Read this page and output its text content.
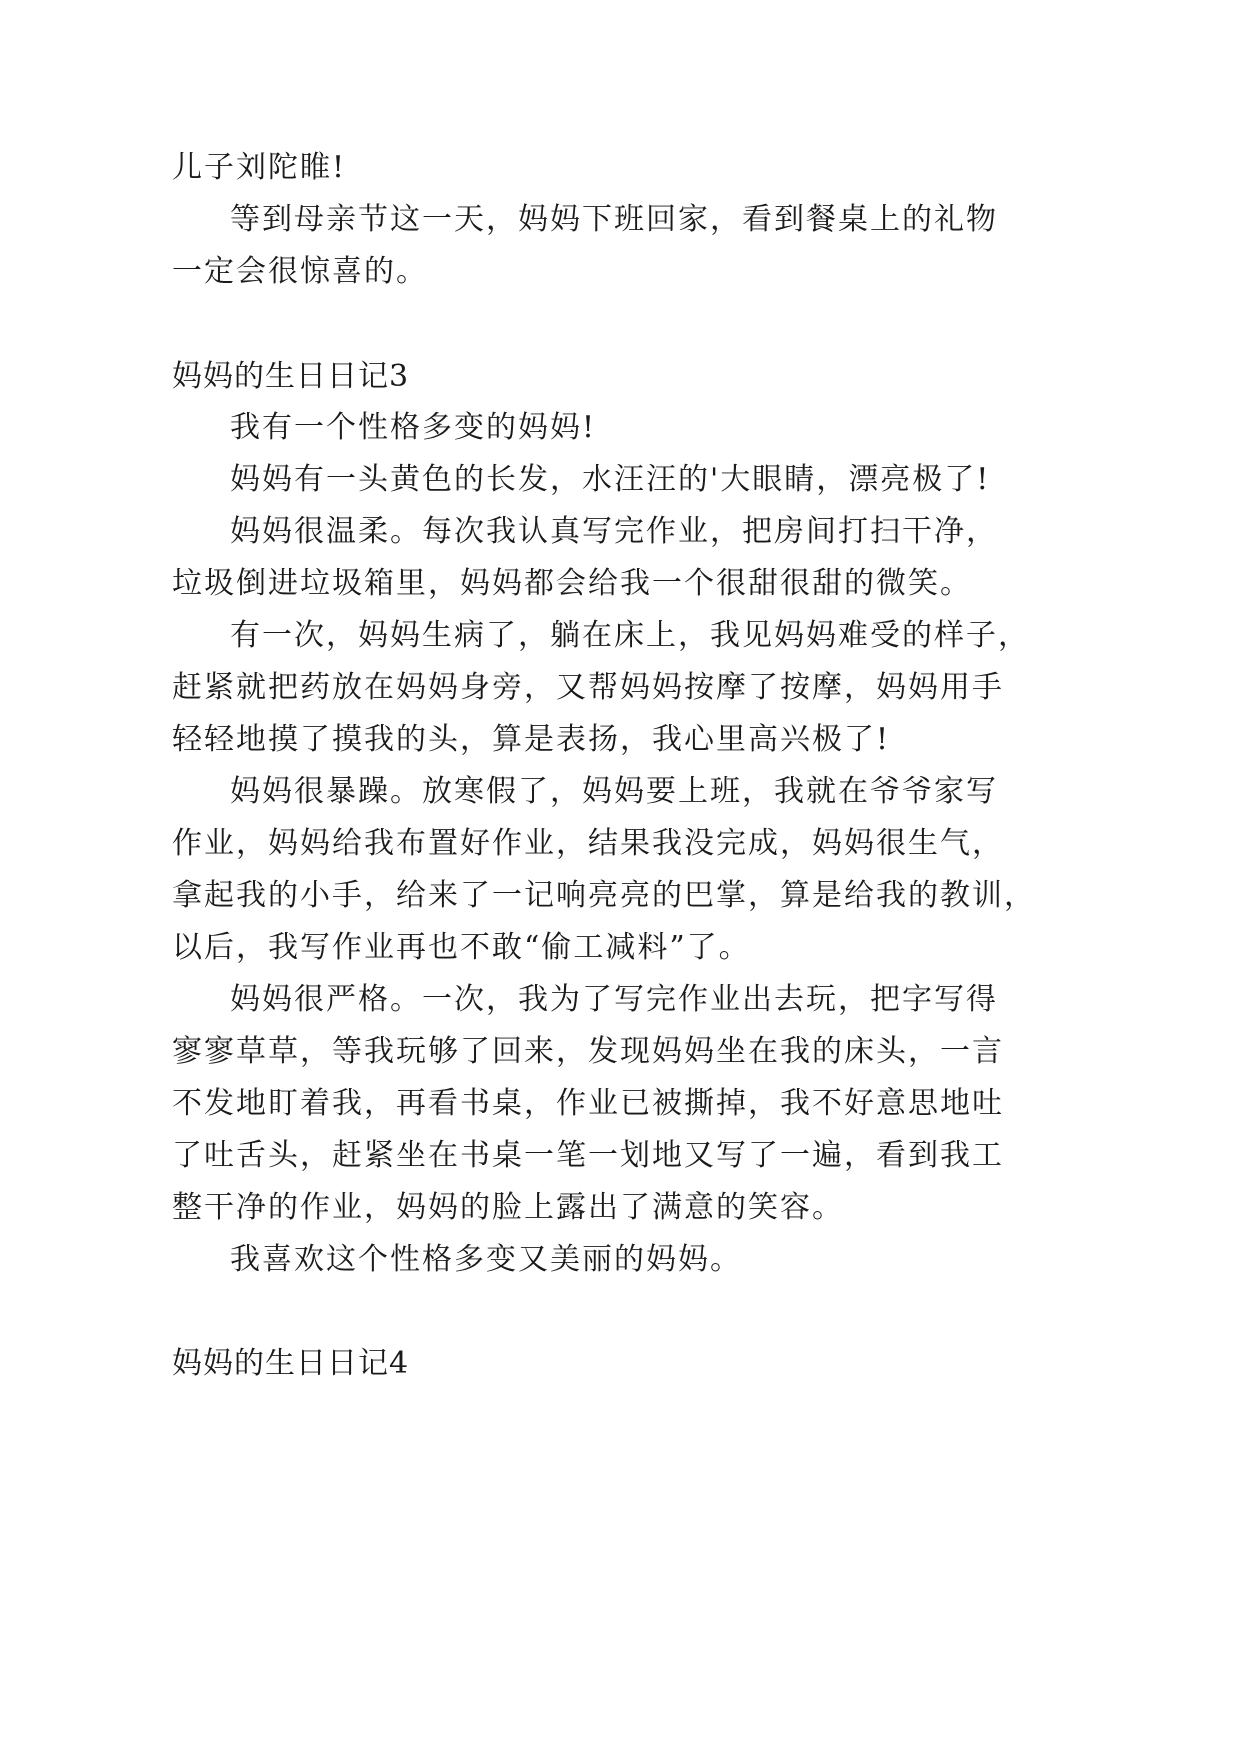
儿子刘陀睢!

等到母亲节这一天，妈妈下班回家，看到餐桌上的礼物

一定会很惊喜的。

妈妈的生日日记3

我有一个性格多变的妈妈!

妈妈有一头黄色的长发，水汪汪的'大眼睛，漂亮极了!

妈妈很温柔。每次我认真写完作业，把房间打扫干净，

垃圾倒进垃圾箱里，妈妈都会给我一个很甜很甜的微笑。

有一次，妈妈生病了，躺在床上，我见妈妈难受的样子，

赶紧就把药放在妈妈身旁，又帮妈妈按摩了按摩，妈妈用手

轻轻地摸了摸我的头，算是表扬，我心里高兴极了!

妈妈很暴躁。放寒假了，妈妈要上班，我就在爷爷家写

作业，妈妈给我布置好作业，结果我没完成，妈妈很生气，

拿起我的小手，给来了一记响亮亮的巴掌，算是给我的教训，

以后，我写作业再也不敢“偷工减料”了。

妈妈很严格。一次，我为了写完作业出去玩，把字写得

寥寥草草，等我玩够了回来，发现妈妈坐在我的床头，一言

不发地盯着我，再看书桌，作业已被撕掉，我不好意思地吐

了吐舌头，赶紧坐在书桌一笔一划地又写了一遍，看到我工

整干净的作业，妈妈的脸上露出了满意的笑容。

我喜欢这个性格多变又美丽的妈妈。

妈妈的生日日记4
